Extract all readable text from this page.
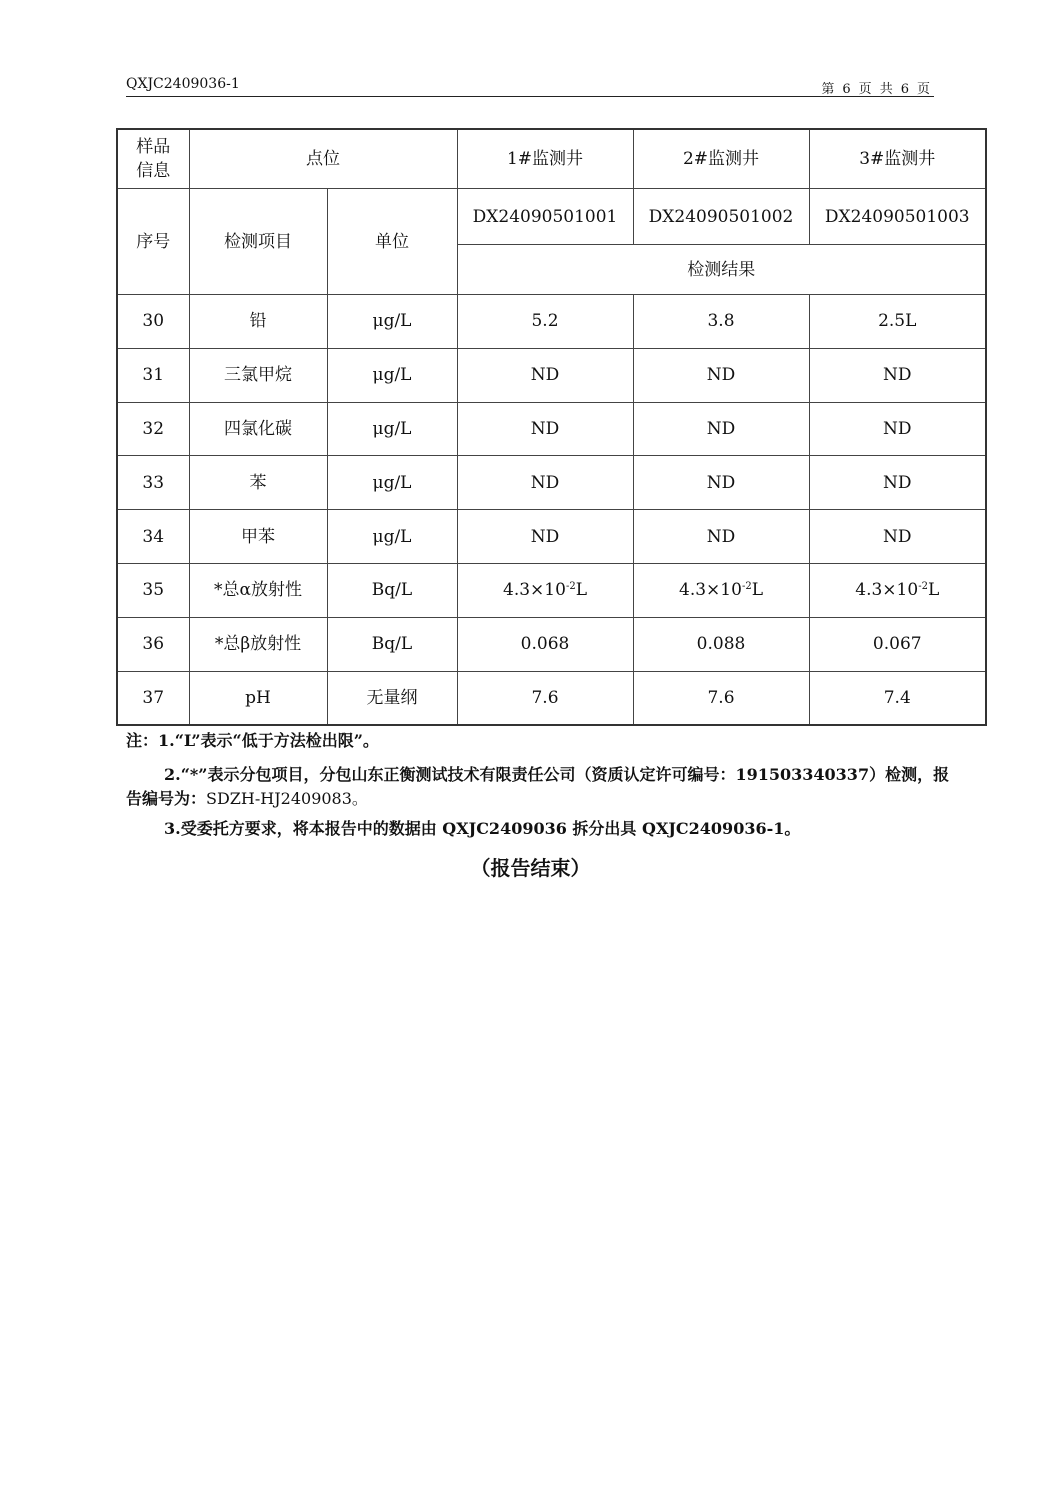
QXJC2409036-1	第 6 页 共 6 页
样品信息	点位		1#监测井	2#监测井	3#监测井
序号	检测项目	单位	DX24090501001	DX24090501002	DX24090501003
			检测结果		
30	铅	μg/L	5.2	3.8	2.5L
31	三氯甲烷	μg/L	ND	ND	ND
32	四氯化碳	μg/L	ND	ND	ND
33	苯	μg/L	ND	ND	ND
34	甲苯	μg/L	ND	ND	ND
35	*总α放射性	Bq/L	$4.3\times 10^{-2}L$	$4.3\times 10^{-2}L$	$4.3\times 10^{-2}L$
36	*总β放射性	Bq/L	0.068	0.088	0.067
37	pH	无量纲	7.6	7.6	7.4

注：1.“L”表示“低于方法检出限”。

2.“*”表示分包项目，分包山东正衡测试技术有限责任公司（资质认定许可编号：191503340337）检测，报告编号为：SDZH-HJ2409083。

3.受委托方要求，将本报告中的数据由 QXJC2409036 拆分出具 QXJC2409036-1。

（报告结束）
